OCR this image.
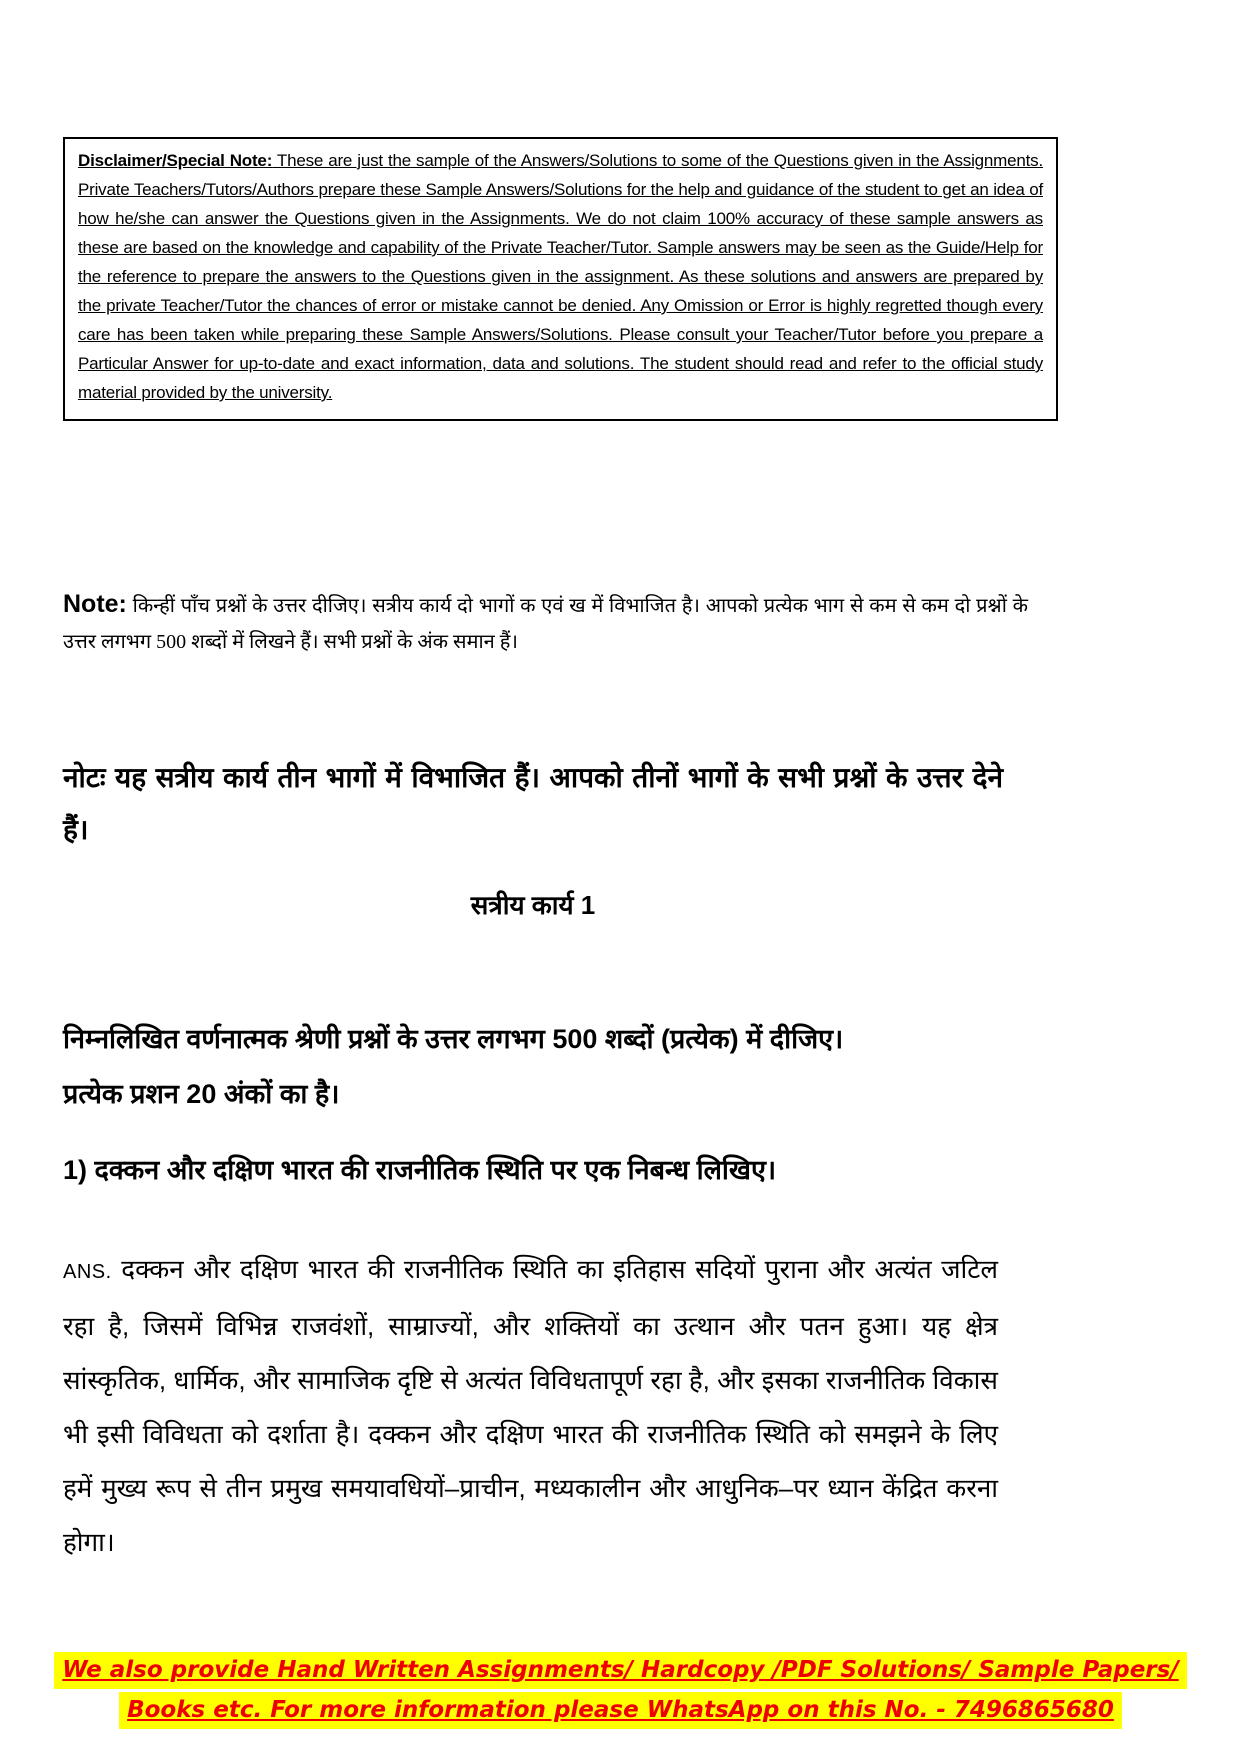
Disclaimer/Special Note: These are just the sample of the Answers/Solutions to some of the Questions given in the Assignments. Private Teachers/Tutors/Authors prepare these Sample Answers/Solutions for the help and guidance of the student to get an idea of how he/she can answer the Questions given in the Assignments. We do not claim 100% accuracy of these sample answers as these are based on the knowledge and capability of the Private Teacher/Tutor. Sample answers may be seen as the Guide/Help for the reference to prepare the answers to the Questions given in the assignment. As these solutions and answers are prepared by the private Teacher/Tutor the chances of error or mistake cannot be denied. Any Omission or Error is highly regretted though every care has been taken while preparing these Sample Answers/Solutions. Please consult your Teacher/Tutor before you prepare a Particular Answer for up-to-date and exact information, data and solutions. The student should read and refer to the official study material provided by the university.

Note: किन्हीं पाँच प्रश्नों के उत्तर दीजिए। सत्रीय कार्य दो भागों क एवं ख में विभाजित है। आपको प्रत्येक भाग से कम से कम दो प्रश्नों के उत्तर लगभग 500 शब्दों में लिखने हैं। सभी प्रश्नों के अंक समान हैं।
नोटः यह सत्रीय कार्य तीन भागों में विभाजित हैं। आपको तीनों भागों के सभी प्रश्नों के उत्तर देने हैं।
सत्रीय कार्य 1
निम्नलिखित वर्णनात्मक श्रेणी प्रश्नों के उत्तर लगभग 500 शब्दों (प्रत्येक) में दीजिए।
प्रत्येक प्रशन 20 अंकों का है।
1) दक्कन और दक्षिण भारत की राजनीतिक स्थिति पर एक निबन्ध लिखिए।
ANS. दक्कन और दक्षिण भारत की राजनीतिक स्थिति का इतिहास सदियों पुराना और अत्यंत जटिल रहा है, जिसमें विभिन्न राजवंशों, साम्राज्यों, और शक्तियों का उत्थान और पतन हुआ। यह क्षेत्र सांस्कृतिक, धार्मिक, और सामाजिक दृष्टि से अत्यंत विविधतापूर्ण रहा है, और इसका राजनीतिक विकास भी इसी विविधता को दर्शाता है। दक्कन और दक्षिण भारत की राजनीतिक स्थिति को समझने के लिए हमें मुख्य रूप से तीन प्रमुख समयावधियों–प्राचीन, मध्यकालीन और आधुनिक–पर ध्यान केंद्रित करना होगा।
We also provide Hand Written Assignments/ Hardcopy /PDF Solutions/ Sample Papers/
Books etc. For more information please WhatsApp on this No. - 7496865680
